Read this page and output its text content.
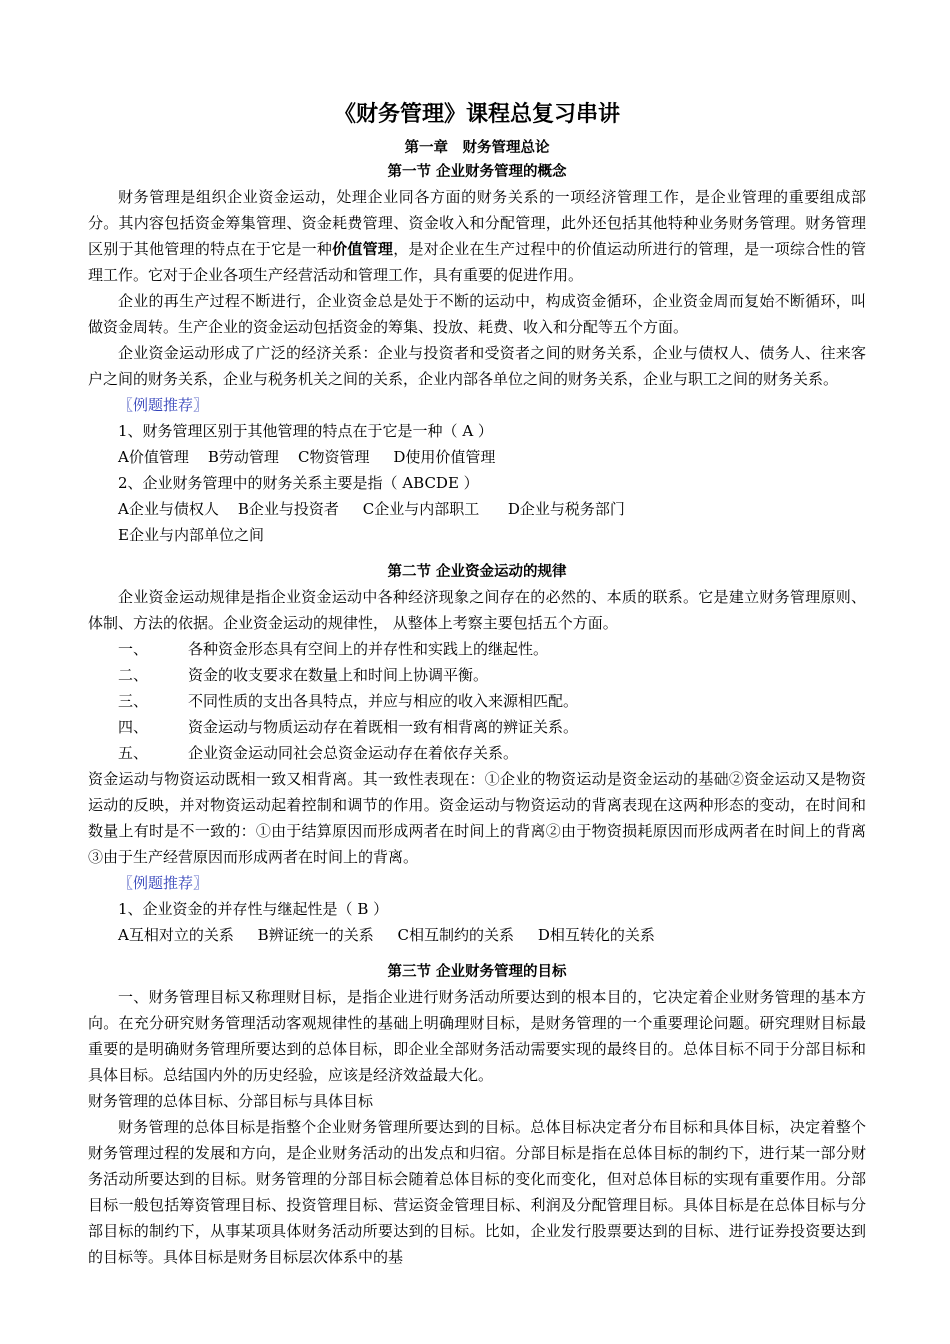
《财务管理》课程总复习串讲
第一章　财务管理总论
第一节 企业财务管理的概念

财务管理是组织企业资金运动，处理企业同各方面的财务关系的一项经济管理工作，是企业管理的重要组成部分。其内容包括资金筹集管理、资金耗费管理、资金收入和分配管理，此外还包括其他特种业务财务管理。财务管理区别于其他管理的特点在于它是一种价值管理，是对企业在生产过程中的价值运动所进行的管理，是一项综合性的管理工作。它对于企业各项生产经营活动和管理工作，具有重要的促进作用。

企业的再生产过程不断进行，企业资金总是处于不断的运动中，构成资金循环，企业资金周而复始不断循环，叫做资金周转。生产企业的资金运动包括资金的筹集、投放、耗费、收入和分配等五个方面。

企业资金运动形成了广泛的经济关系：企业与投资者和受资者之间的财务关系，企业与债权人、债务人、往来客户之间的财务关系，企业与税务机关之间的关系，企业内部各单位之间的财务关系，企业与职工之间的财务关系。

〖例题推荐〗

1、财务管理区别于其他管理的特点在于它是一种（ A ）

A价值管理    B劳动管理    C物资管理     D使用价值管理

2、企业财务管理中的财务关系主要是指（ ABCDE ）

A企业与债权人    B企业与投资者     C企业与内部职工      D企业与税务部门

E企业与内部单位之间

第二节 企业资金运动的规律

企业资金运动规律是指企业资金运动中各种经济现象之间存在的必然的、本质的联系。它是建立财务管理原则、体制、方法的依据。企业资金运动的规律性， 从整体上考察主要包括五个方面。

一、	各种资金形态具有空间上的并存性和实践上的继起性。

二、	资金的收支要求在数量上和时间上协调平衡。

三、	不同性质的支出各具特点，并应与相应的收入来源相匹配。

四、	资金运动与物质运动存在着既相一致有相背离的辨证关系。

五、	企业资金运动同社会总资金运动存在着依存关系。

资金运动与物资运动既相一致又相背离。其一致性表现在：①企业的物资运动是资金运动的基础②资金运动又是物资运动的反映，并对物资运动起着控制和调节的作用。资金运动与物资运动的背离表现在这两种形态的变动，在时间和数量上有时是不一致的：①由于结算原因而形成两者在时间上的背离②由于物资损耗原因而形成两者在时间上的背离③由于生产经营原因而形成两者在时间上的背离。

〖例题推荐〗

1、企业资金的并存性与继起性是（ B ）

A互相对立的关系     B辨证统一的关系     C相互制约的关系     D相互转化的关系

第三节 企业财务管理的目标

一、财务管理目标又称理财目标，是指企业进行财务活动所要达到的根本目的，它决定着企业财务管理的基本方向。在充分研究财务管理活动客观规律性的基础上明确理财目标，是财务管理的一个重要理论问题。研究理财目标最重要的是明确财务管理所要达到的总体目标，即企业全部财务活动需要实现的最终目的。总体目标不同于分部目标和具体目标。总结国内外的历史经验，应该是经济效益最大化。

财务管理的总体目标、分部目标与具体目标

财务管理的总体目标是指整个企业财务管理所要达到的目标。总体目标决定者分布目标和具体目标，决定着整个财务管理过程的发展和方向，是企业财务活动的出发点和归宿。分部目标是指在总体目标的制约下，进行某一部分财务活动所要达到的目标。财务管理的分部目标会随着总体目标的变化而变化，但对总体目标的实现有重要作用。分部目标一般包括筹资管理目标、投资管理目标、营运资金管理目标、利润及分配管理目标。具体目标是在总体目标与分部目标的制约下，从事某项具体财务活动所要达到的目标。比如，企业发行股票要达到的目标、进行证券投资要达到的目标等。具体目标是财务目标层次体系中的基
